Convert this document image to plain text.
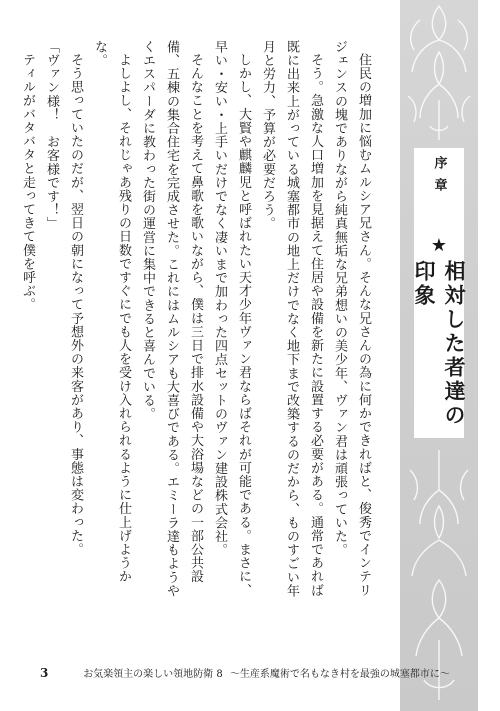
序章
★
相対した者達の印象

住民の増加に悩むムルシア兄さん。そんな兄さんの為に何かできればと、俊秀でインテリジェンスの塊でありながら純真無垢な兄弟想いの美少年、ヴァン君は頑張っていた。

そう。急激な人口増加を見据えて住居や設備を新たに設置する必要がある。通常であれば既に出来上がっている城塞都市の地上だけでなく地下まで改築するのだから、ものすごい年月と労力、予算が必要だろう。

しかし、大賢や麒麟児と呼ばれたい天才少年ヴァン君ならばそれが可能である。まさに、早い・安い・上手いだけでなく凄いまで加わった四点セットのヴァン建設株式会社。

そんなことを考えて鼻歌を歌いながら、僕は三日で排水設備や大浴場などの一部公共設備、五棟の集合住宅を完成させた。これにはムルシアも大喜びである。エミーラ達もようやくエスパーダに教わった街の運営に集中できると喜んでいる。

よしよし、それじゃあ残りの日数ですぐにでも人を受け入れられるように仕上げようかな。

そう思っていたのだが、翌日の朝になって予想外の来客があり、事態は変わった。

「ヴァン様！　お客様です！」

ティルがバタバタと走ってきて僕を呼ぶ。

3	お気楽領主の楽しい領地防衛 8 〜生産系魔術で名もなき村を最強の城塞都市に〜
